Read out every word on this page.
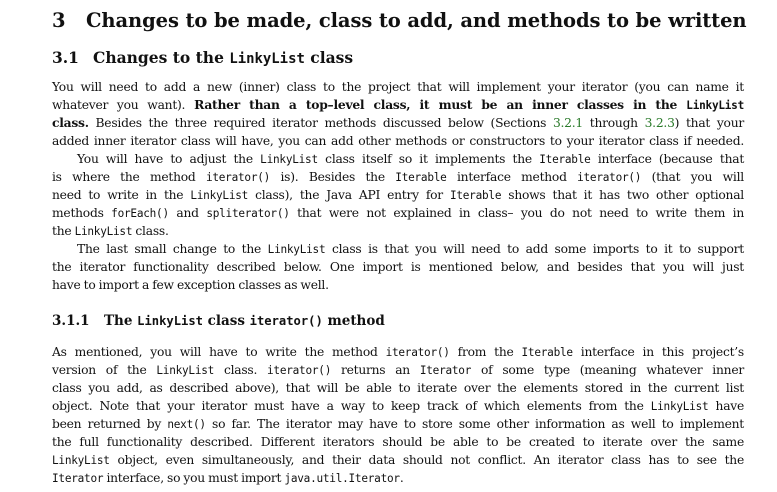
3 Changes to be made, class to add, and methods to be written
3.1 Changes to the LinkyList class
You will need to add a new (inner) class to the project that will implement your iterator (you can name it
whatever you want). Rather than a top–level class, it must be an inner classes in the LinkyList
class. Besides the three required iterator methods discussed below (Sections 3.2.1 through 3.2.3) that your
added inner iterator class will have, you can add other methods or constructors to your iterator class if needed.
You will have to adjust the LinkyList class itself so it implements the Iterable interface (because that
is where the method iterator() is). Besides the Iterable interface method iterator() (that you will
need to write in the LinkyList class), the Java API entry for Iterable shows that it has two other optional
methods forEach() and spliterator() that were not explained in class– you do not need to write them in
the LinkyList class.
The last small change to the LinkyList class is that you will need to add some imports to it to support
the iterator functionality described below. One import is mentioned below, and besides that you will just
have to import a few exception classes as well.
3.1.1 The LinkyList class iterator() method
As mentioned, you will have to write the method iterator() from the Iterable interface in this project’s
version of the LinkyList class. iterator() returns an Iterator of some type (meaning whatever inner
class you add, as described above), that will be able to iterate over the elements stored in the current list
object. Note that your iterator must have a way to keep track of which elements from the LinkyList have
been returned by next() so far. The iterator may have to store some other information as well to implement
the full functionality described. Different iterators should be able to be created to iterate over the same
LinkyList object, even simultaneously, and their data should not conflict. An iterator class has to see the
Iterator interface, so you must import java.util.Iterator.
